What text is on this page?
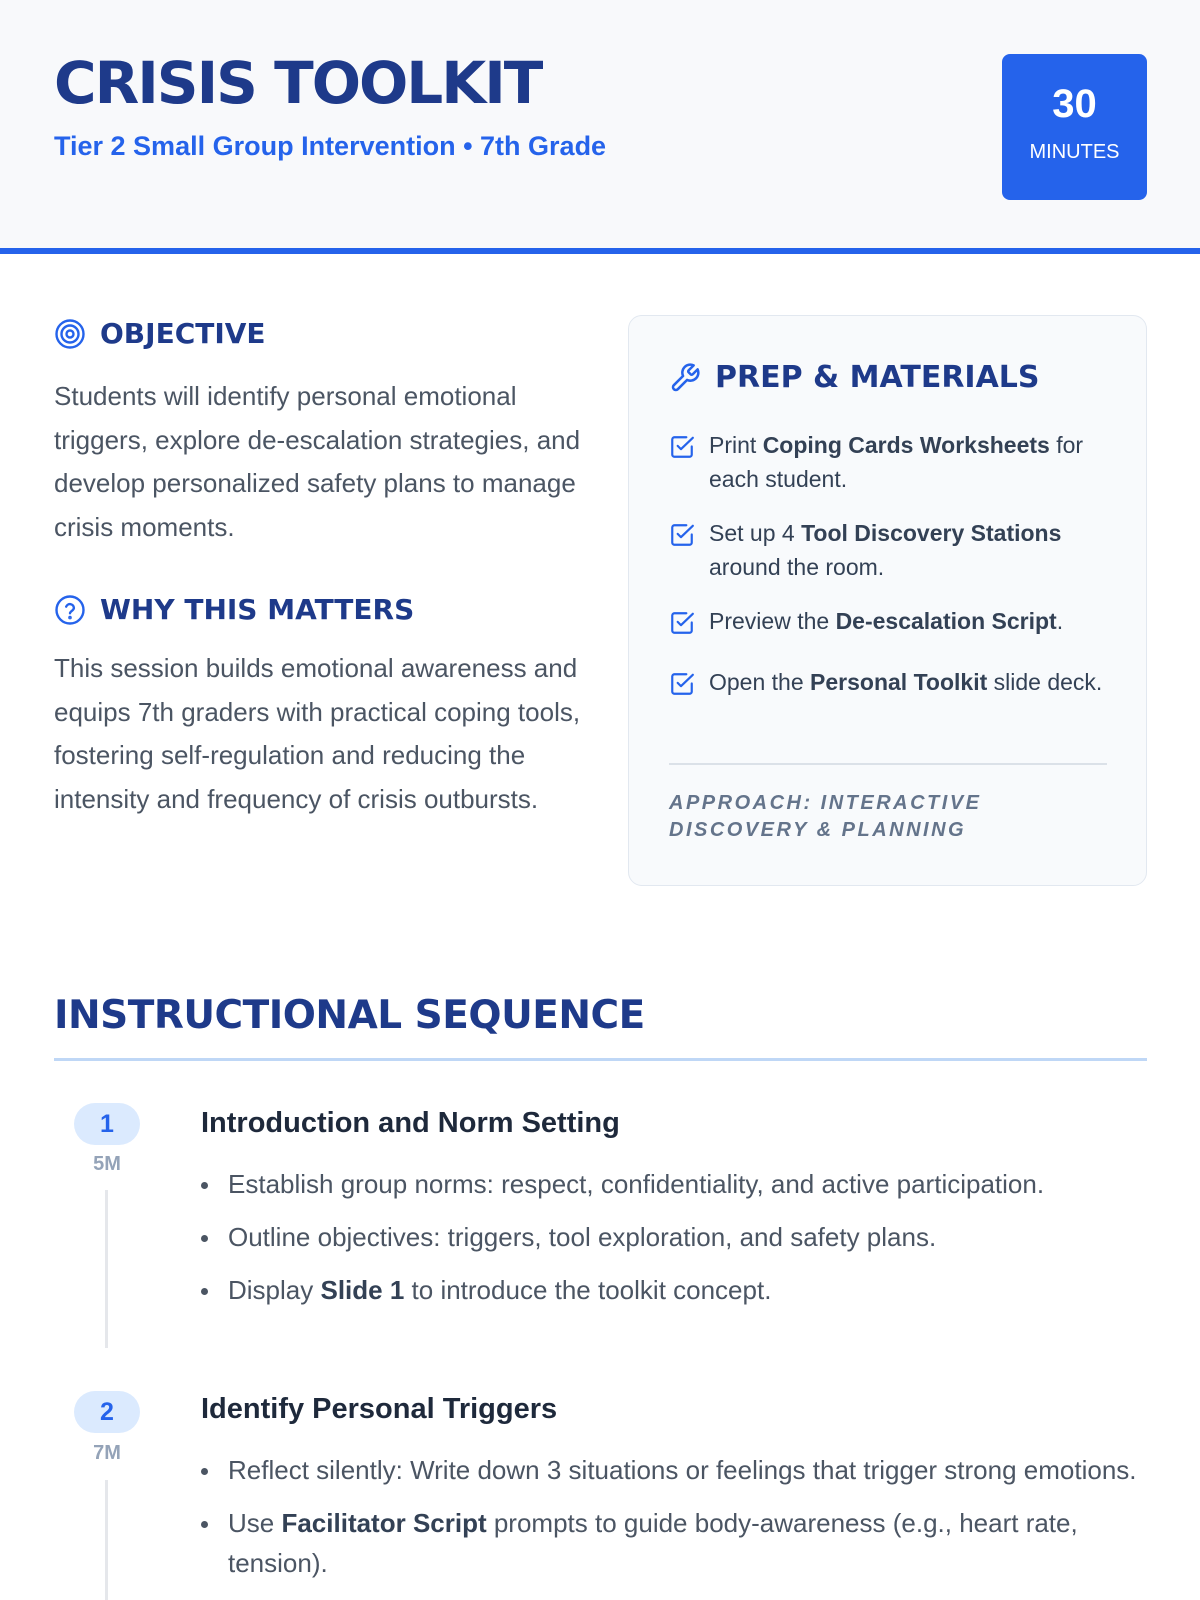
CRISIS TOOLKIT
Tier 2 Small Group Intervention • 7th Grade
30
MINUTES
OBJECTIVE

Students will identify personal emotional triggers, explore de-escalation strategies, and develop personalized safety plans to manage crisis moments.

WHY THIS MATTERS

This session builds emotional awareness and equips 7th graders with practical coping tools, fostering self-regulation and reducing the intensity and frequency of crisis outbursts.

PREP & MATERIALS
Print Coping Cards Worksheets for each student.
Set up 4 Tool Discovery Stations around the room.
Preview the De-escalation Script.
Open the Personal Toolkit slide deck.
APPROACH: INTERACTIVE DISCOVERY & PLANNING
INSTRUCTIONAL SEQUENCE
1
5M
Introduction and Norm Setting
Establish group norms: respect, confidentiality, and active participation.
Outline objectives: triggers, tool exploration, and safety plans.
Display Slide 1 to introduce the toolkit concept.
2
7M
Identify Personal Triggers
Reflect silently: Write down 3 situations or feelings that trigger strong emotions.
Use Facilitator Script prompts to guide body-awareness (e.g., heart rate, tension).
